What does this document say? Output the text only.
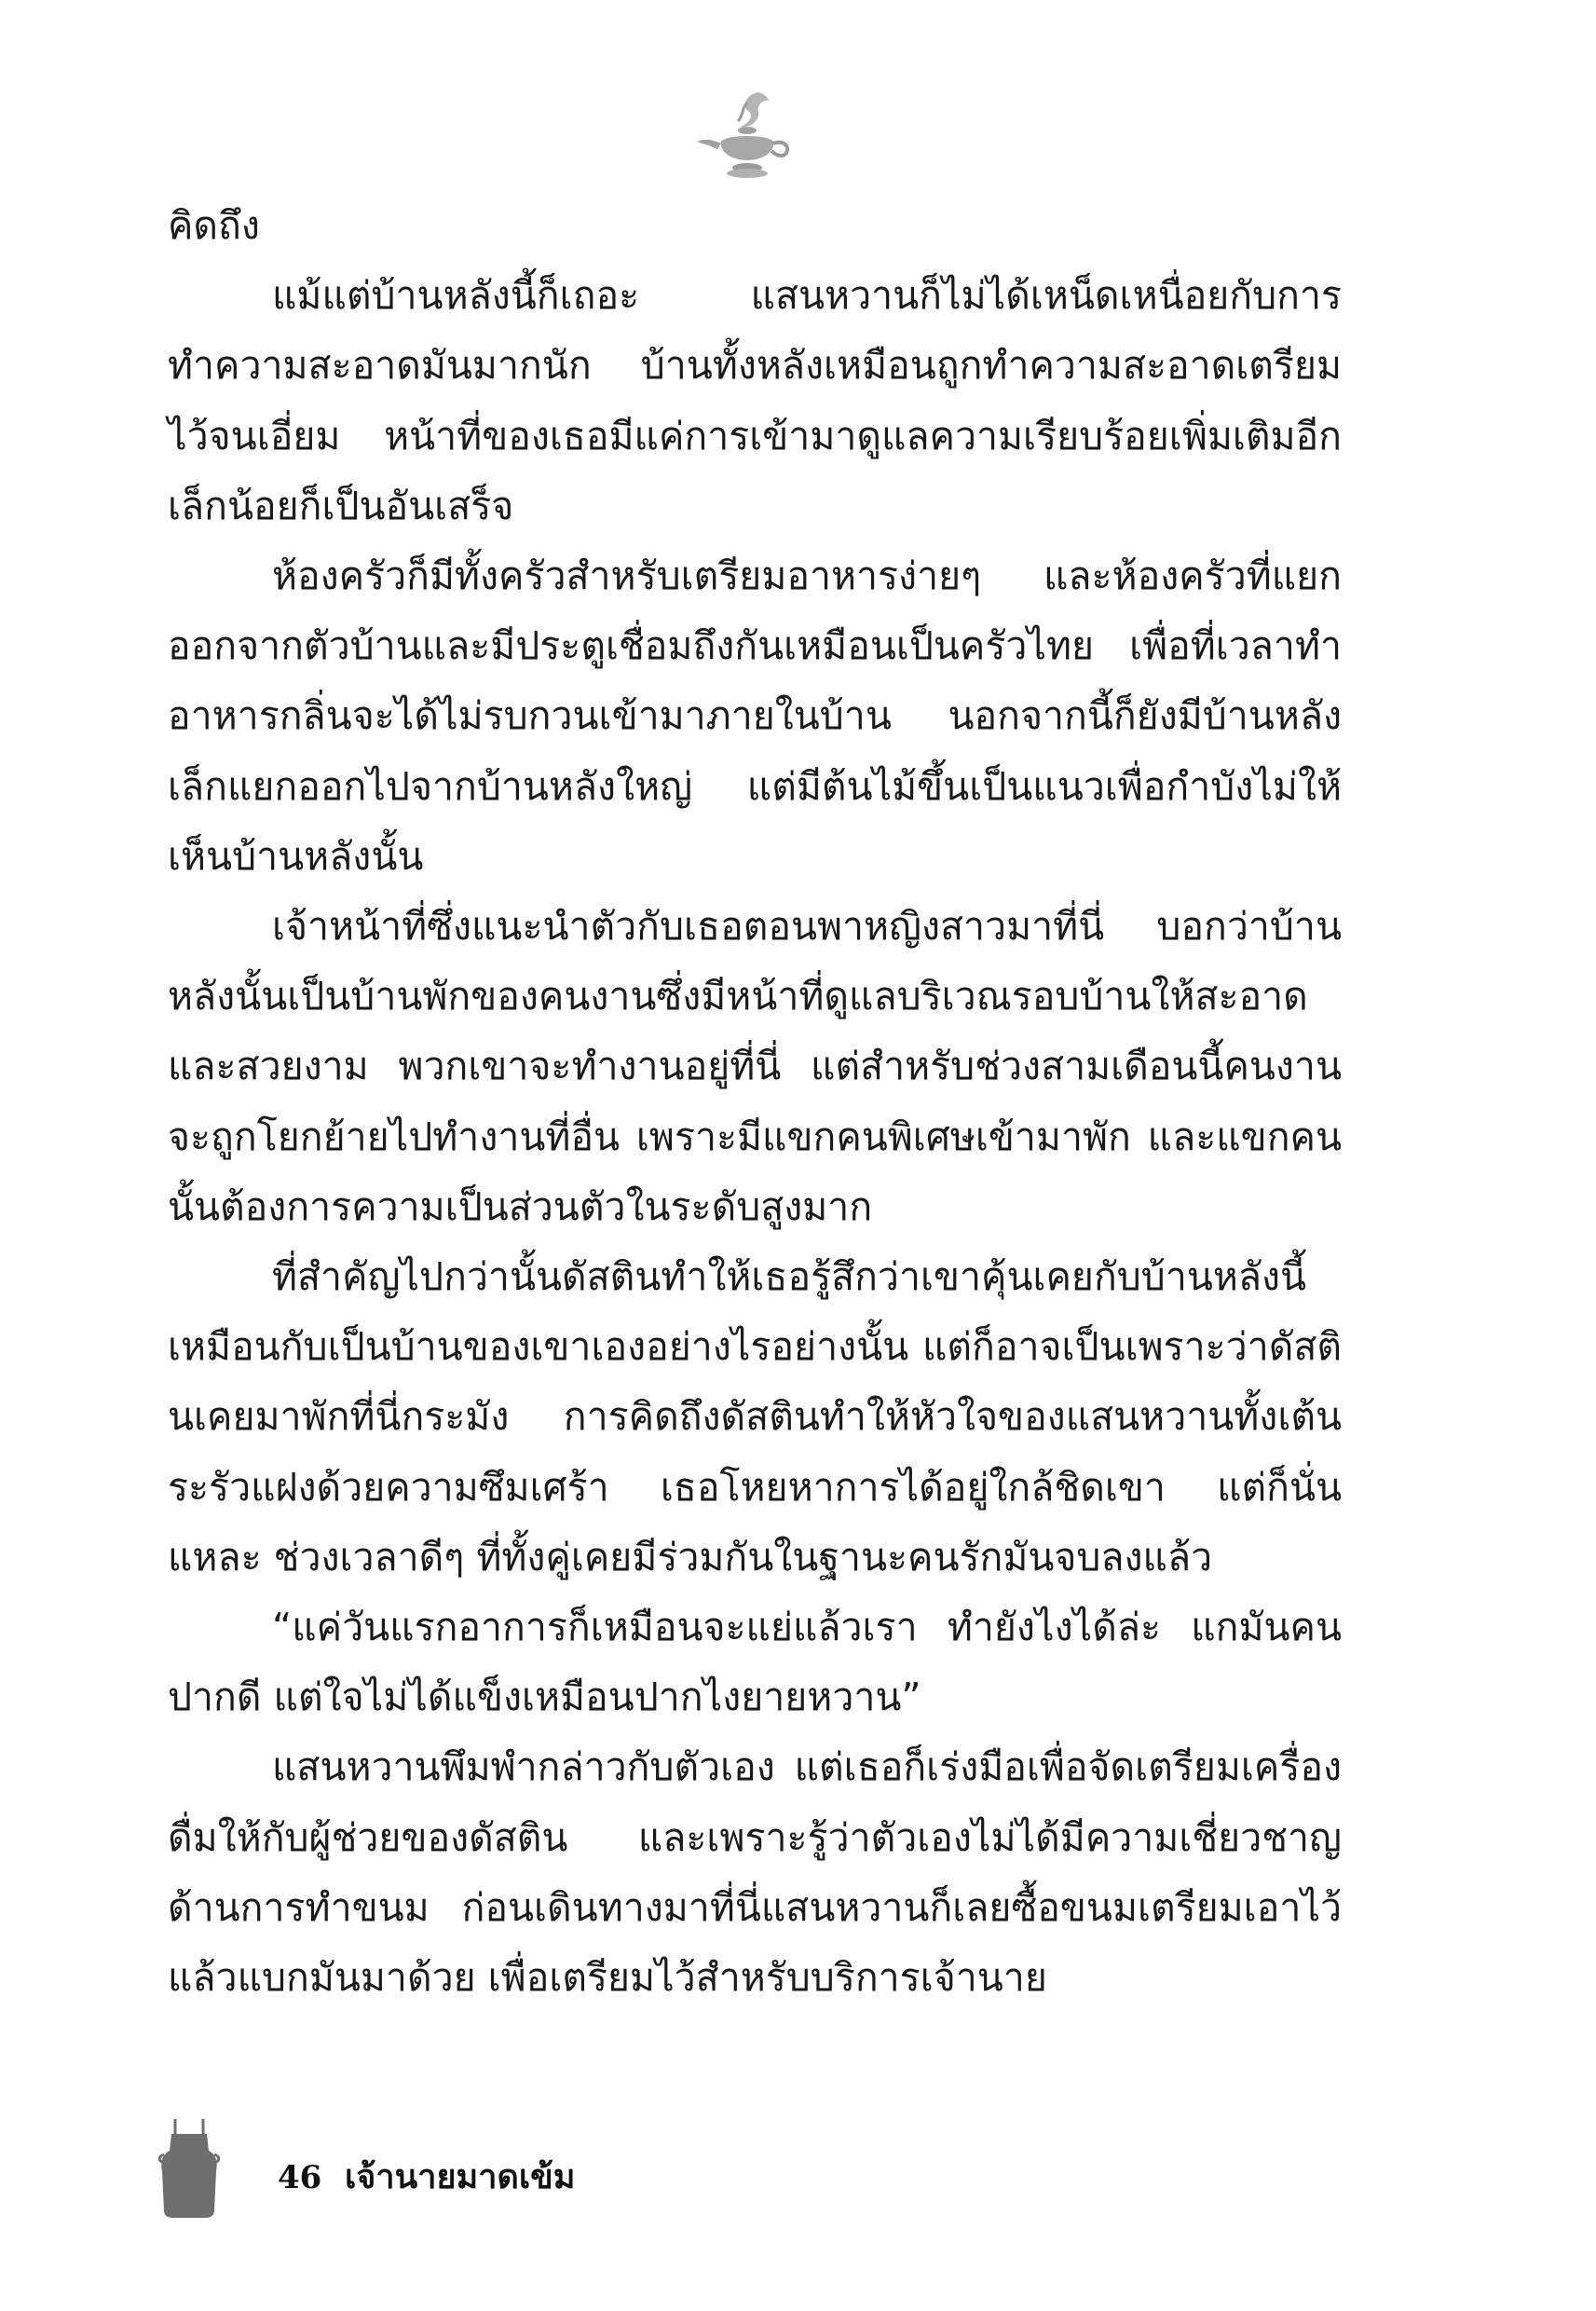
คิดถึง

แม้แต่บ้านหลังนี้ก็เถอะ แสนหวานก็ไม่ได้เหน็ดเหนื่อยกับการทำความสะอาดมันมากนัก บ้านทั้งหลังเหมือนถูกทำความสะอาดเตรียมไว้จนเอี่ยม หน้าที่ของเธอมีแค่การเข้ามาดูแลความเรียบร้อยเพิ่มเติมอีกเล็กน้อยก็เป็นอันเสร็จ

ห้องครัวก็มีทั้งครัวสำหรับเตรียมอาหารง่ายๆ และห้องครัวที่แยกออกจากตัวบ้านและมีประตูเชื่อมถึงกันเหมือนเป็นครัวไทย เพื่อที่เวลาทำอาหารกลิ่นจะได้ไม่รบกวนเข้ามาภายในบ้าน นอกจากนี้ก็ยังมีบ้านหลังเล็กแยกออกไปจากบ้านหลังใหญ่ แต่มีต้นไม้ขึ้นเป็นแนวเพื่อกำบังไม่ให้เห็นบ้านหลังนั้น

เจ้าหน้าที่ซึ่งแนะนำตัวกับเธอตอนพาหญิงสาวมาที่นี่ บอกว่าบ้านหลังนั้นเป็นบ้านพักของคนงานซึ่งมีหน้าที่ดูแลบริเวณรอบบ้านให้สะอาดและสวยงาม พวกเขาจะทำงานอยู่ที่นี่ แต่สำหรับช่วงสามเดือนนี้คนงานจะถูกโยกย้ายไปทำงานที่อื่น เพราะมีแขกคนพิเศษเข้ามาพัก และแขกคนนั้นต้องการความเป็นส่วนตัวในระดับสูงมาก

ที่สำคัญไปกว่านั้นดัสตินทำให้เธอรู้สึกว่าเขาคุ้นเคยกับบ้านหลังนี้เหมือนกับเป็นบ้านของเขาเองอย่างไรอย่างนั้น แต่ก็อาจเป็นเพราะว่าดัสตินเคยมาพักที่นี่กระมัง การคิดถึงดัสตินทำให้หัวใจของแสนหวานทั้งเต้นระรัวแฝงด้วยความซึมเศร้า เธอโหยหาการได้อยู่ใกล้ชิดเขา แต่ก็นั่นแหละ ช่วงเวลาดีๆ ที่ทั้งคู่เคยมีร่วมกันในฐานะคนรักมันจบลงแล้ว

“แค่วันแรกอาการก็เหมือนจะแย่แล้วเรา ทำยังไงได้ล่ะ แกมันคนปากดี แต่ใจไม่ได้แข็งเหมือนปากไงยายหวาน”

แสนหวานพึมพำกล่าวกับตัวเอง แต่เธอก็เร่งมือเพื่อจัดเตรียมเครื่องดื่มให้กับผู้ช่วยของดัสติน และเพราะรู้ว่าตัวเองไม่ได้มีความเชี่ยวชาญด้านการทำขนม ก่อนเดินทางมาที่นี่แสนหวานก็เลยซื้อขนมเตรียมเอาไว้แล้วแบกมันมาด้วย เพื่อเตรียมไว้สำหรับบริการเจ้านาย

46 เจ้านายมาดเข้ม
